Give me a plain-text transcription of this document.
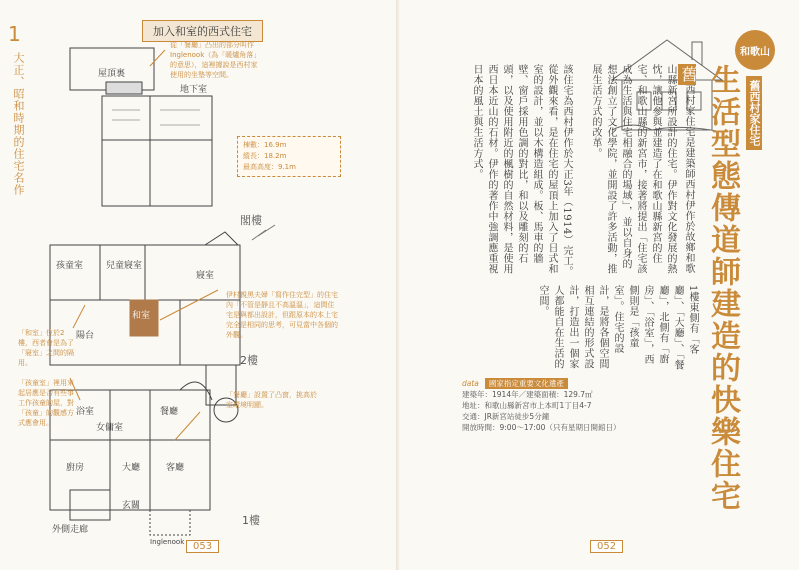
1
大正、昭和時期的住宅名作
加入和室的西式住宅
屋頂裏
地下室
閣樓
2樓
1樓
孩童室	兒童寢室
寢室
和室
陽台
餐廳
大廳	客廳
浴室
廚房
女傭室
玄關
外側走廊
Inglenook
從「餐廳」凸出的部分叫作Inglenook（為「暖爐角落」的意思），這裡據說是西村家使用的坐墊等空間。
伊村親黑夫婦「寫作住完型」的住宅內「不管是靜且不高溫溫」，這間住宅是與都出設計，但跟原本的本上宅完全是相同的思考，可見當中各個的外觀。
「和室」位於2樓，西者會是為了「寢室」之間的隔用。
「孩童室」裡用來起居應是否有些事工作孩童的屋，對「孩童」的觀感方式應會用。
「餐廳」設置了凸窗，挑高於室環境明顯。
棟數：16.9m
縱長：18.2m
最高高度：9.1m
053
和歌山
舊西村家住宅
生活型態傳道師建造的快樂住宅
舊西村家住宅是建築師西村伊作於故鄉和歌山縣新宮所設計的住宅。伊作對文化發展的熱忱，讓他參與並建造了在和歌山縣新宮的住宅、和歌山縣的新宮市，接著將提出「住宅該成為生活與住宅相融合的場域」，並以自身的想法創立了文化學院，並開設了許多活動，推展生活方式的改革。
該住宅為西村伊作於大正3年（1914）完工。從外觀來看，是在住宅的屋頂上加入了日式和室的設計，並以木構造組成。板、馬車的牆壁、窗戶採用色調的對比，和以及雕刻的石頭，以及使用附近的楓樹的自然材料，是使用西日本近山的石材。伊作的著作中強調應重視日本的風土與生活方式。
1樓東側有「客廳」、「大廳」、「餐廳」，北側有「廚房」、「浴室」，西側則是「孩童室」。住宅的設計，是將各個空間相互連結的形式設計，打造出一個家人都能自在生活的空間。
data 國家指定重要文化遺產
建築年：1914年／建築面積：129.7㎡
地址：和歌山縣新宮市上本町1丁目4-7
交通：JR新宮站徒步5分鐘
開放時間：9:00～17:00（只有星期日開館日）
052
